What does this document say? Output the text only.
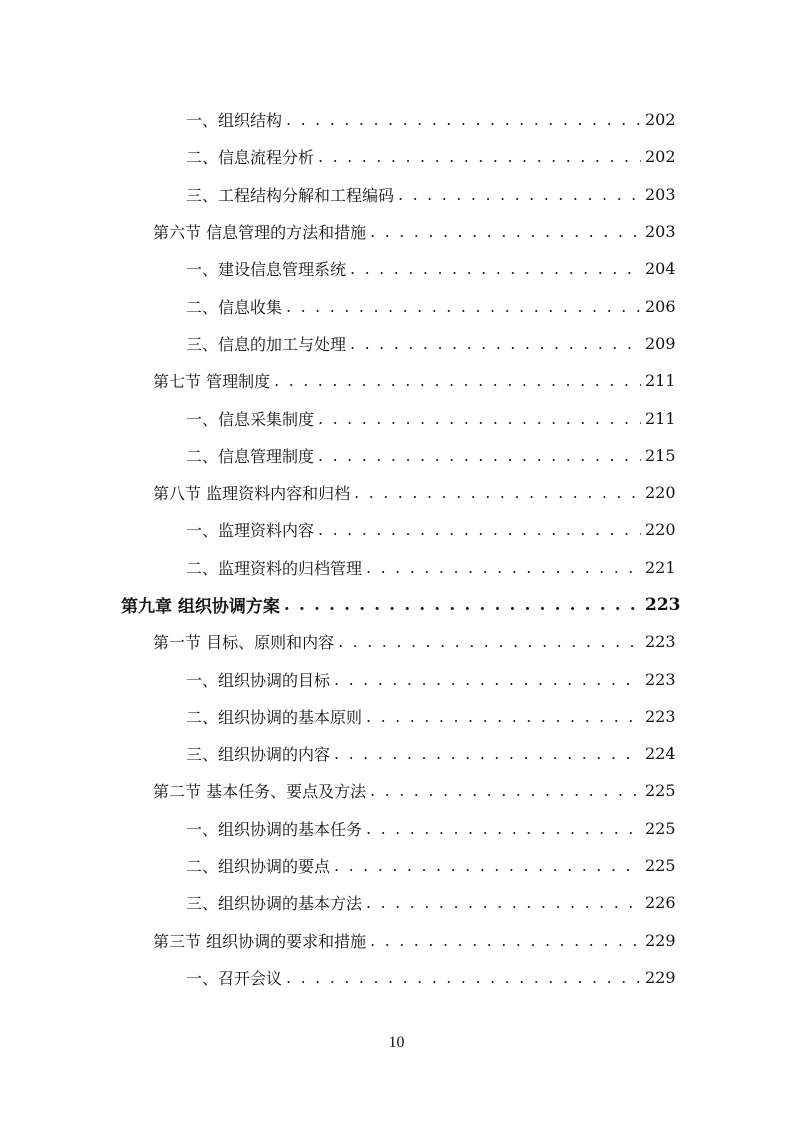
一、组织结构 . . .	202
二、信息流程分析 . . .	202
三、工程结构分解和工程编码 . . .	203
第六节 信息管理的方法和措施 . . .	203
一、建设信息管理系统 . . .	204
二、信息收集 . . .	206
三、信息的加工与处理 . . .	209
第七节 管理制度 . . .	211
一、信息采集制度 . . .	211
二、信息管理制度 . . .	215
第八节 监理资料内容和归档 . . .	220
一、监理资料内容 . . .	220
二、监理资料的归档管理 . . .	221
第九章 组织协调方案 . . .	223
第一节 目标、原则和内容 . . .	223
一、组织协调的目标 . . .	223
二、组织协调的基本原则 . . .	223
三、组织协调的内容 . . .	224
第二节 基本任务、要点及方法 . . .	225
一、组织协调的基本任务 . . .	225
二、组织协调的要点 . . .	225
三、组织协调的基本方法 . . .	226
第三节 组织协调的要求和措施 . . .	229
一、召开会议 . . .	229
10
